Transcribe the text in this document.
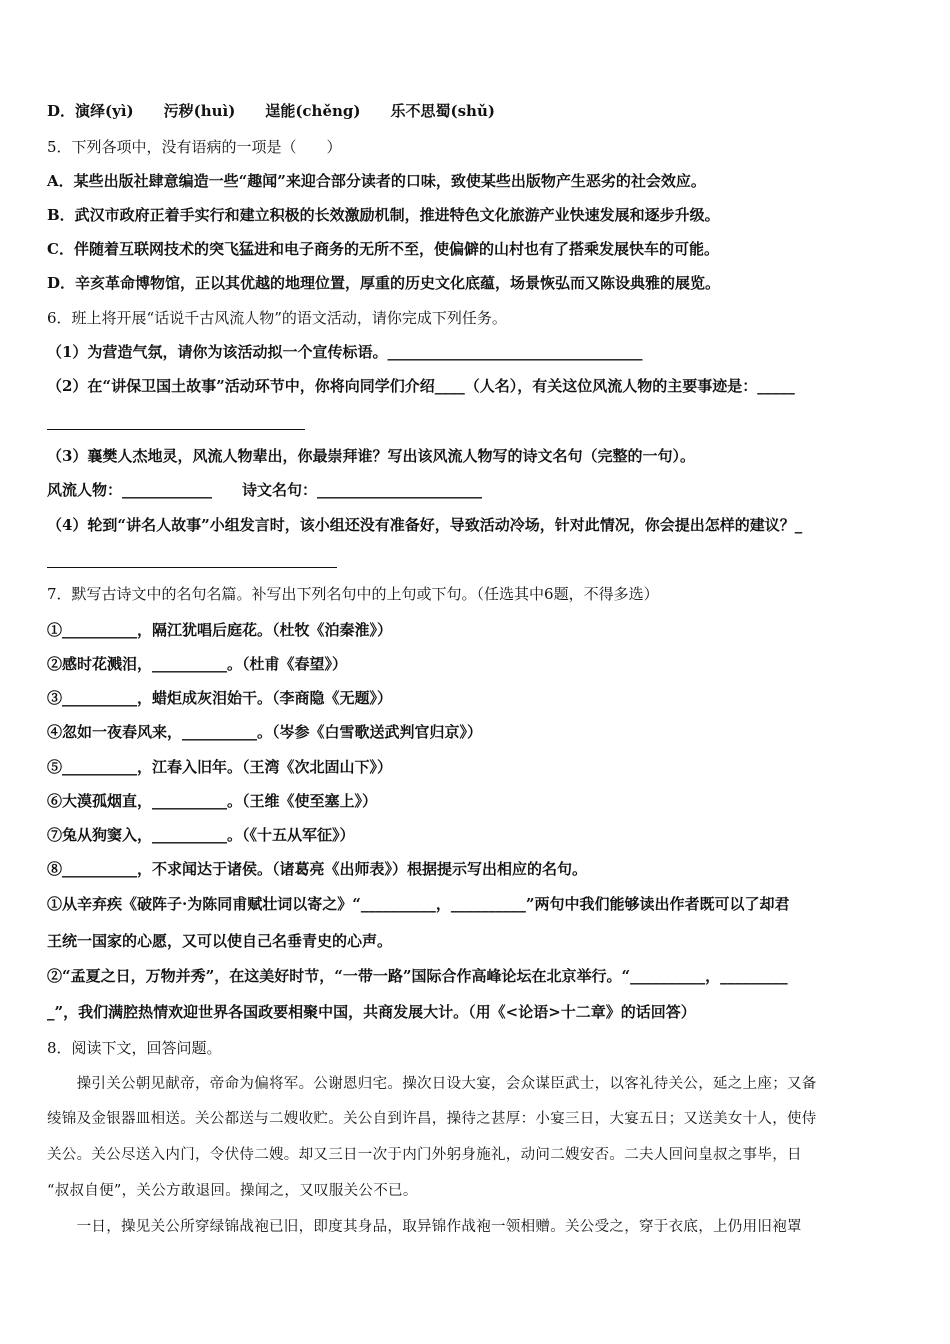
D．演绎(yì)　　污秽(huì)　　逞能(chěng)　　乐不思蜀(shǔ)
5．下列各项中，没有语病的一项是（　　）
A．某些出版社肆意编造一些“趣闻”来迎合部分读者的口味，致使某些出版物产生恶劣的社会效应。
B．武汉市政府正着手实行和建立积极的长效激励机制，推进特色文化旅游产业快速发展和逐步升级。
C．伴随着互联网技术的突飞猛进和电子商务的无所不至，使偏僻的山村也有了搭乘发展快车的可能。
D．辛亥革命博物馆，正以其优越的地理位置，厚重的历史文化底蕴，场景恢弘而又陈设典雅的展览。
6．班上将开展“话说千古风流人物”的语文活动，请你完成下列任务。
（1）为营造气氛，请你为该活动拟一个宣传标语。__________________________________
（2）在“讲保卫国土故事”活动环节中，你将向同学们介绍____（人名），有关这位风流人物的主要事迹是：_____
（3）襄樊人杰地灵，风流人物辈出，你最崇拜谁？写出该风流人物写的诗文名句（完整的一句）。
风流人物：____________　　诗文名句：______________________
（4）轮到“讲名人故事”小组发言时，该小组还没有准备好，导致活动冷场，针对此情况，你会提出怎样的建议？_
7．默写古诗文中的名句名篇。补写出下列名句中的上句或下句。（任选其中6题，不得多选）
①__________，隔江犹唱后庭花。（杜牧《泊秦淮》）
②感时花溅泪，__________。（杜甫《春望》）
③__________，蜡炬成灰泪始干。（李商隐《无题》）
④忽如一夜春风来，__________。（岑参《白雪歌送武判官归京》）
⑤__________，江春入旧年。（王湾《次北固山下》）
⑥大漠孤烟直，__________。（王维《使至塞上》）
⑦兔从狗窦入，__________。（《十五从军征》）
⑧__________，不求闻达于诸侯。（诸葛亮《出师表》）根据提示写出相应的名句。
①从辛弃疾《破阵子·为陈同甫赋壮词以寄之》“__________，__________”两句中我们能够读出作者既可以了却君
王统一国家的心愿，又可以使自己名垂青史的心声。
②“孟夏之日，万物并秀”，在这美好时节，“一带一路”国际合作高峰论坛在北京举行。“__________，_________
_”，我们满腔热情欢迎世界各国政要相聚中国，共商发展大计。（用《<论语>十二章》的话回答）
8．阅读下文，回答问题。
　　操引关公朝见献帝，帝命为偏将军。公谢恩归宅。操次日设大宴，会众谋臣武士，以客礼待关公，延之上座；又备
绫锦及金银器皿相送。关公都送与二嫂收贮。关公自到许昌，操待之甚厚：小宴三日，大宴五日；又送美女十人，使侍
关公。关公尽送入内门，令伏侍二嫂。却又三日一次于内门外躬身施礼，动问二嫂安否。二夫人回问皇叔之事毕，日
“叔叔自便”，关公方敢退回。操闻之，又叹服关公不已。
　　一日，操见关公所穿绿锦战袍已旧，即度其身品，取异锦作战袍一领相赠。关公受之，穿于衣底，上仍用旧袍罩
